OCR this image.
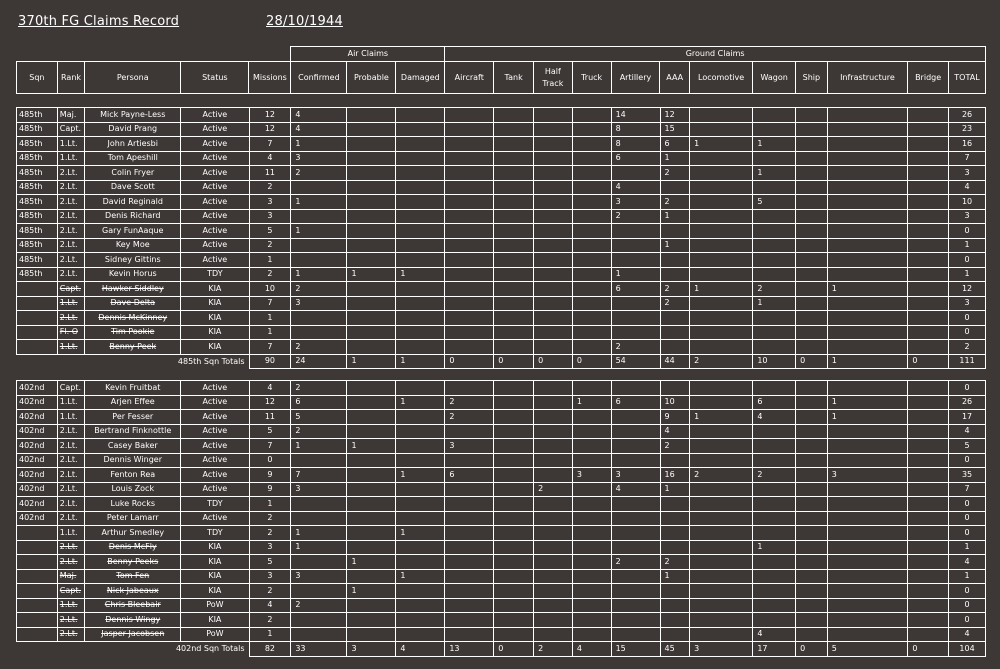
370th FG Claims Record	28/10/1944
					Air Claims			Ground Claims											
Sqn	Rank	Persona	Status	Missions	Confirmed	Probable	Damaged	Aircraft	Tank	Half Track	Truck	Artillery	AAA	Locomotive	Wagon	Ship	Infrastructure	Bridge	TOTAL
485th	Maj.	Mick Payne-Less	Active	12	4							14	12						26
485th	Capt.	David Prang	Active	12	4							8	15						23
485th	1.Lt.	John Artiesbi	Active	7	1							8	6	1	1				16
485th	1.Lt.	Tom Apeshill	Active	4	3							6	1						7
485th	2.Lt.	Colin Fryer	Active	11	2								2		1				3
485th	2.Lt.	Dave Scott	Active	2								4							4
485th	2.Lt.	David Reginald	Active	3	1							3	2		5				10
485th	2.Lt.	Denis Richard	Active	3								2	1						3
485th	2.Lt.	Gary FunAaque	Active	5	1														0
485th	2.Lt.	Key Moe	Active	2									1						1
485th	2.Lt.	Sidney Gittins	Active	1															0
485th	2.Lt.	Kevin Horus	TDY	2	1	1	1					1							1
	Capt.	Hawker Siddley	KIA	10	2							6	2	1	2		1		12
	1.Lt.	Dave Delta	KIA	7	3								2		1				3
	2.Lt.	Dennis McKinney	KIA	1															0
	Fl. O	Tim Pookie	KIA	1															0
	1.Lt.	Benny Peek	KIA	7	2							2							2
485th Sqn Totals				90	24	1	1	0	0	0	0	54	44	2	10	0	1	0	111
402nd	Capt.	Kevin Fruitbat	Active	4	2														0
402nd	1.Lt.	Arjen Effee	Active	12	6		1	2			1	6	10		6		1		26
402nd	1.Lt.	Per Fesser	Active	11	5			2					9	1	4		1		17
402nd	2.Lt.	Bertrand Finknottle	Active	5	2								4						4
402nd	2.Lt.	Casey Baker	Active	7	1	1		3					2						5
402nd	2.Lt.	Dennis Winger	Active	0															0
402nd	2.Lt.	Fenton Rea	Active	9	7		1	6			3	3	16	2	2		3		35
402nd	2.Lt.	Louis Zock	Active	9	3					2		4	1						7
402nd	2.Lt.	Luke Rocks	TDY	1															0
402nd	2.Lt.	Peter Lamarr	Active	2															0
	1.Lt.	Arthur Smedley	TDY	2	1		1												0
	2.Lt.	Denis McFly	KIA	3	1										1				1
	2.Lt.	Benny Peeks	KIA	5		1						2	2						4
	Maj.	Tom Fen	KIA	3	3		1						1						1
	Capt.	Nick Jabeaux	KIA	2		1													0
	1.Lt.	Chris Bleebair	PoW	4	2														0
	2.Lt.	Dennis Wingy	KIA	2															0
	2.Lt.	Jasper Jacobsen	PoW	1											4				4
402nd Sqn Totals				82	33	3	4	13	0	2	4	15	45	3	17	0	5	0	104
